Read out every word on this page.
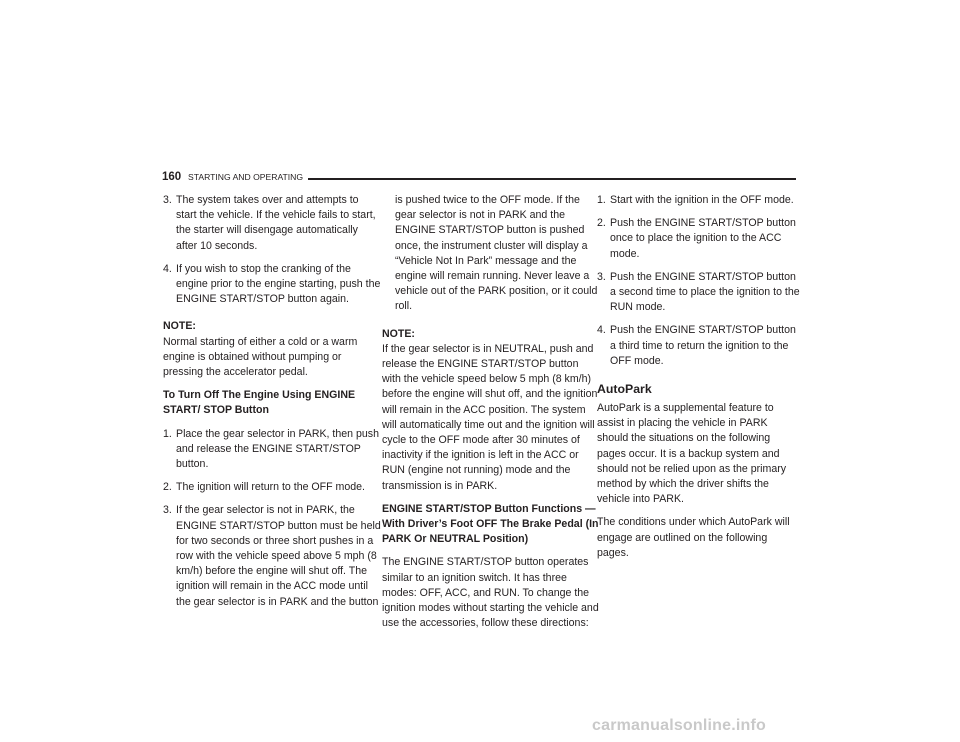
160 STARTING AND OPERATING
3. The system takes over and attempts to start the vehicle. If the vehicle fails to start, the starter will disengage automatically after 10 seconds.
4. If you wish to stop the cranking of the engine prior to the engine starting, push the ENGINE START/STOP button again.
NOTE:

Normal starting of either a cold or a warm engine is obtained without pumping or pressing the accelerator pedal.

To Turn Off The Engine Using ENGINE START/ STOP Button
1. Place the gear selector in PARK, then push and release the ENGINE START/STOP button.
2. The ignition will return to the OFF mode.
3. If the gear selector is not in PARK, the ENGINE START/STOP button must be held for two seconds or three short pushes in a row with the vehicle speed above 5 mph (8 km/h) before the engine will shut off. The ignition will remain in the ACC mode until the gear selector is in PARK and the button
is pushed twice to the OFF mode. If the gear selector is not in PARK and the ENGINE START/STOP button is pushed once, the instrument cluster will display a “Vehicle Not In Park” message and the engine will remain running. Never leave a vehicle out of the PARK position, or it could roll.
NOTE:

If the gear selector is in NEUTRAL, push and release the ENGINE START/STOP button with the vehicle speed below 5 mph (8 km/h) before the engine will shut off, and the ignition will remain in the ACC position. The system will automatically time out and the ignition will cycle to the OFF mode after 30 minutes of inactivity if the ignition is left in the ACC or RUN (engine not running) mode and the transmission is in PARK.

ENGINE START/STOP Button Functions — With Driver’s Foot OFF The Brake Pedal (In PARK Or NEUTRAL Position)

The ENGINE START/STOP button operates similar to an ignition switch. It has three modes: OFF, ACC, and RUN. To change the ignition modes without starting the vehicle and use the accessories, follow these directions:

1. Start with the ignition in the OFF mode.
2. Push the ENGINE START/STOP button once to place the ignition to the ACC mode.
3. Push the ENGINE START/STOP button a second time to place the ignition to the RUN mode.
4. Push the ENGINE START/STOP button a third time to return the ignition to the OFF mode.
AutoPark

AutoPark is a supplemental feature to assist in placing the vehicle in PARK should the situations on the following pages occur. It is a backup system and should not be relied upon as the primary method by which the driver shifts the vehicle into PARK.

The conditions under which AutoPark will engage are outlined on the following pages.

carmanualsonline.info
